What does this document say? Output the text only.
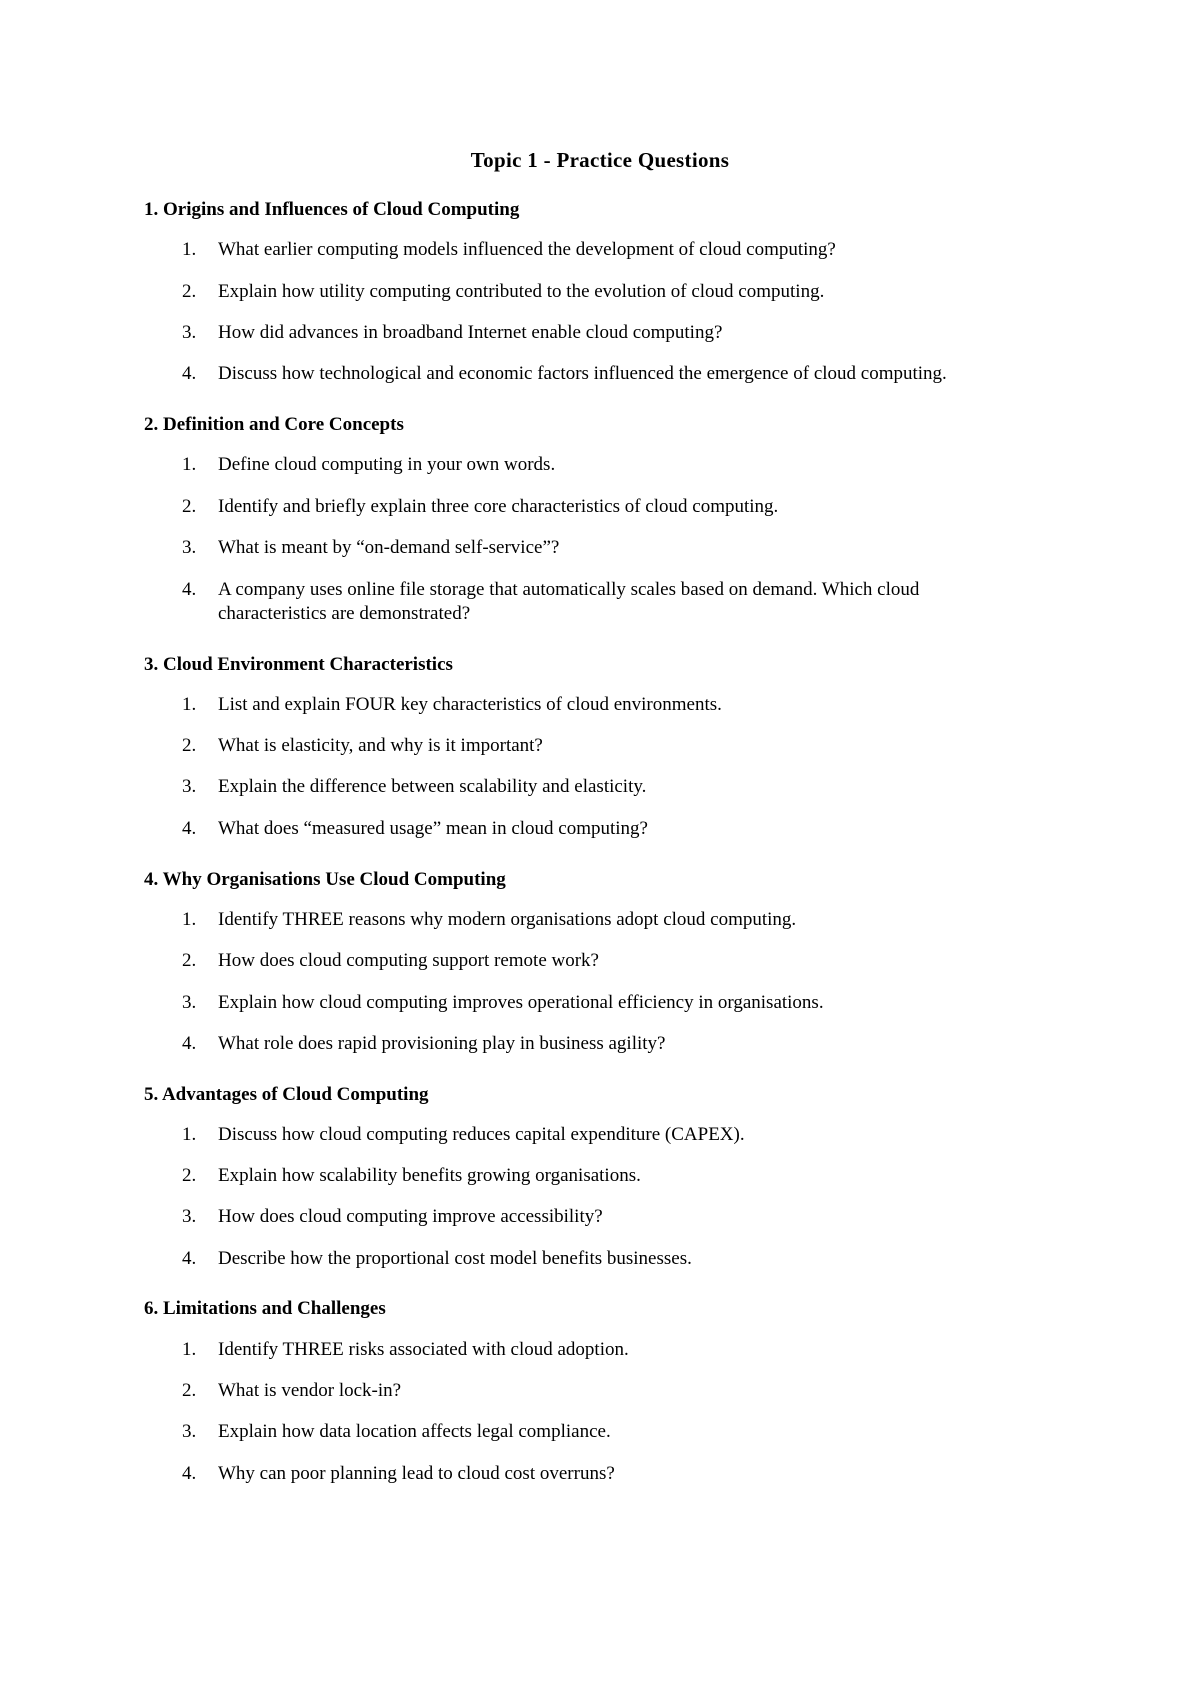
Topic 1 - Practice Questions
1. Origins and Influences of Cloud Computing
1. What earlier computing models influenced the development of cloud computing?
2. Explain how utility computing contributed to the evolution of cloud computing.
3. How did advances in broadband Internet enable cloud computing?
4. Discuss how technological and economic factors influenced the emergence of cloud computing.
2. Definition and Core Concepts
1. Define cloud computing in your own words.
2. Identify and briefly explain three core characteristics of cloud computing.
3. What is meant by “on-demand self-service”?
4. A company uses online file storage that automatically scales based on demand. Which cloud characteristics are demonstrated?
3. Cloud Environment Characteristics
1. List and explain FOUR key characteristics of cloud environments.
2. What is elasticity, and why is it important?
3. Explain the difference between scalability and elasticity.
4. What does “measured usage” mean in cloud computing?
4. Why Organisations Use Cloud Computing
1. Identify THREE reasons why modern organisations adopt cloud computing.
2. How does cloud computing support remote work?
3. Explain how cloud computing improves operational efficiency in organisations.
4. What role does rapid provisioning play in business agility?
5. Advantages of Cloud Computing
1. Discuss how cloud computing reduces capital expenditure (CAPEX).
2. Explain how scalability benefits growing organisations.
3. How does cloud computing improve accessibility?
4. Describe how the proportional cost model benefits businesses.
6. Limitations and Challenges
1. Identify THREE risks associated with cloud adoption.
2. What is vendor lock-in?
3. Explain how data location affects legal compliance.
4. Why can poor planning lead to cloud cost overruns?
